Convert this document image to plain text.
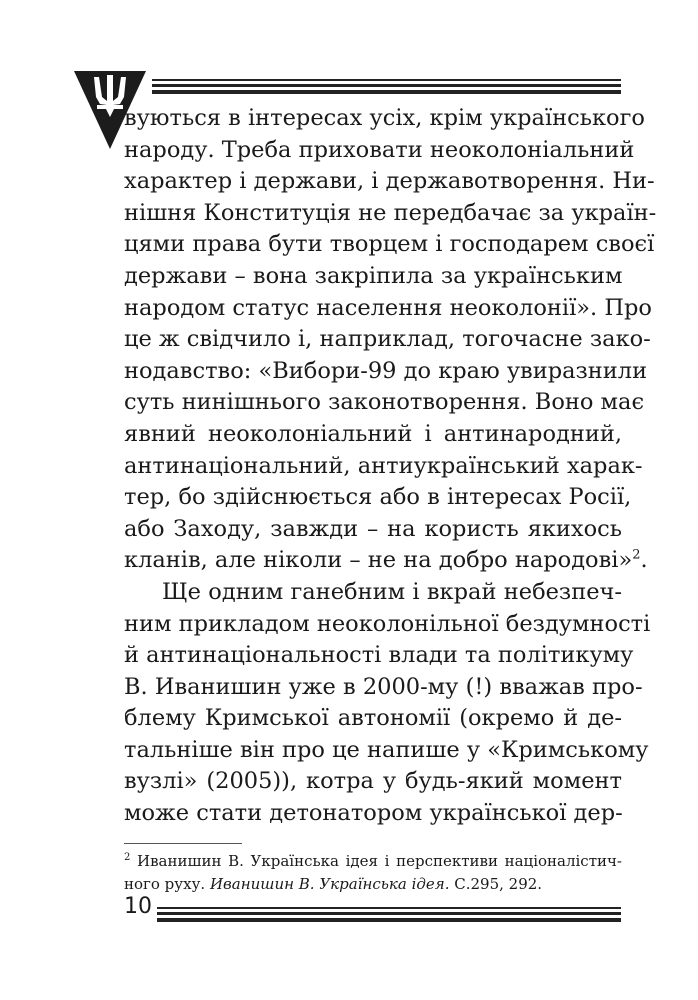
вуються в інтересах усіх, крім українського
народу. Треба приховати неоколоніальний
характер і держави, і державотворення. Ни-
нішня Конституція не передбачає за україн-
цями права бути творцем і господарем своєї
держави – вона закріпила за українським
народом статус населення неоколонії». Про
це ж свідчило і, наприклад, тогочасне зако-
нодавство: «Вибори-99 до краю увиразнили
суть нинішнього законотворення. Воно має
явний неоколоніальний і антинародний,
антинаціональний, антиукраїнський харак-
тер, бо здійснюється або в інтересах Росії,
або Заходу, завжди – на користь якихось
кланів, але ніколи – не на добро народові»$^2$.
Ще одним ганебним і вкрай небезпеч-
ним прикладом неоколонільної бездумності
й антинаціональності влади та політикуму
В. Иванишин уже в 2000-му (!) вважав про-
блему Кримської автономії (окремо й де-
тальніше він про це напише у «Кримському
вузлі» (2005)), котра у будь-який момент
може стати детонатором української дер-
$^2$ Иванишин В. Українська ідея і перспективи націоналістич-
ного руху. Иванишин В. Українська ідея. С.295, 292.
10
